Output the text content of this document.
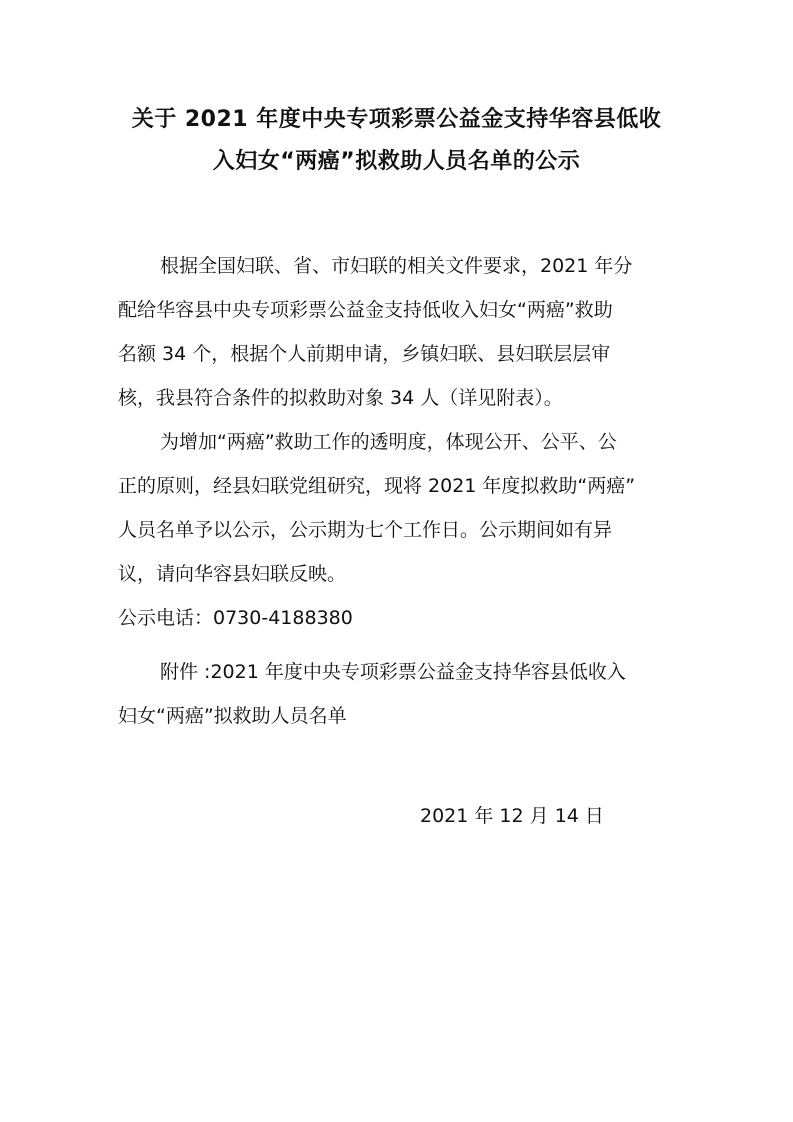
关于 2021 年度中央专项彩票公益金支持华容县低收
入妇女“两癌”拟救助人员名单的公示
根据全国妇联、省、市妇联的相关文件要求，2021 年分
配给华容县中央专项彩票公益金支持低收入妇女“两癌”救助
名额 34 个，根据个人前期申请，乡镇妇联、县妇联层层审
核，我县符合条件的拟救助对象 34 人（详见附表）。
为增加“两癌”救助工作的透明度，体现公开、公平、公
正的原则，经县妇联党组研究，现将 2021 年度拟救助“两癌”
人员名单予以公示，公示期为七个工作日。公示期间如有异
议，请向华容县妇联反映。
公示电话：0730-4188380
附件 :2021 年度中央专项彩票公益金支持华容县低收入
妇女“两癌”拟救助人员名单
2021 年 12 月 14 日
